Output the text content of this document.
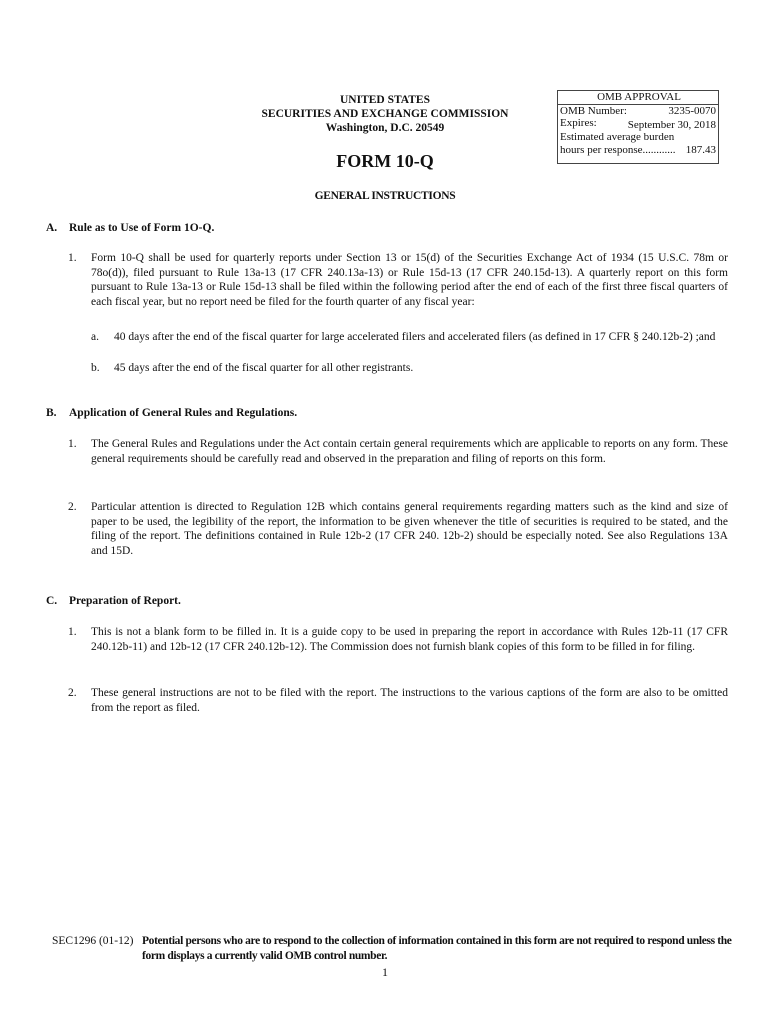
UNITED STATES
SECURITIES AND EXCHANGE COMMISSION
Washington, D.C. 20549
OMB APPROVAL
OMB Number:	3235-0070
Expires:	September 30, 2018
Estimated average burden
hours per response............ 187.43
FORM 10-Q
GENERAL INSTRUCTIONS
A. Rule as to Use of Form 1O-Q.
1.	Form 10-Q shall be used for quarterly reports under Section 13 or 15(d) of the Securities Exchange Act of 1934 (15 U.S.C. 78m or 78o(d)), filed pursuant to Rule 13a-13 (17 CFR 240.13a-13) or Rule 15d-13 (17 CFR 240.15d-13). A quarterly report on this form pursuant to Rule 13a-13 or Rule 15d-13 shall be filed within the following period after the end of each of the first three fiscal quarters of each fiscal year, but no report need be filed for the fourth quarter of any fiscal year:
a.	40 days after the end of the fiscal quarter for large accelerated filers and accelerated filers (as defined in 17 CFR § 240.12b-2) ;and
b.	45 days after the end of the fiscal quarter for all other registrants.
B. Application of General Rules and Regulations.
1.	The General Rules and Regulations under the Act contain certain general requirements which are applicable to reports on any form. These general requirements should be carefully read and observed in the preparation and filing of reports on this form.
2.	Particular attention is directed to Regulation 12B which contains general requirements regarding matters such as the kind and size of paper to be used, the legibility of the report, the information to be given whenever the title of securities is required to be stated, and the filing of the report. The definitions contained in Rule 12b-2 (17 CFR 240. 12b-2) should be especially noted. See also Regulations 13A and 15D.
C. Preparation of Report.
1.	This is not a blank form to be filled in. It is a guide copy to be used in preparing the report in accordance with Rules 12b-11 (17 CFR 240.12b-11) and 12b-12 (17 CFR 240.12b-12). The Commission does not furnish blank copies of this form to be filled in for filing.
2.	These general instructions are not to be filed with the report. The instructions to the various captions of the form are also to be omitted from the report as filed.
SEC1296 (01-12) Potential persons who are to respond to the collection of information contained in this form are not required to respond unless the form displays a currently valid OMB control number.
1
